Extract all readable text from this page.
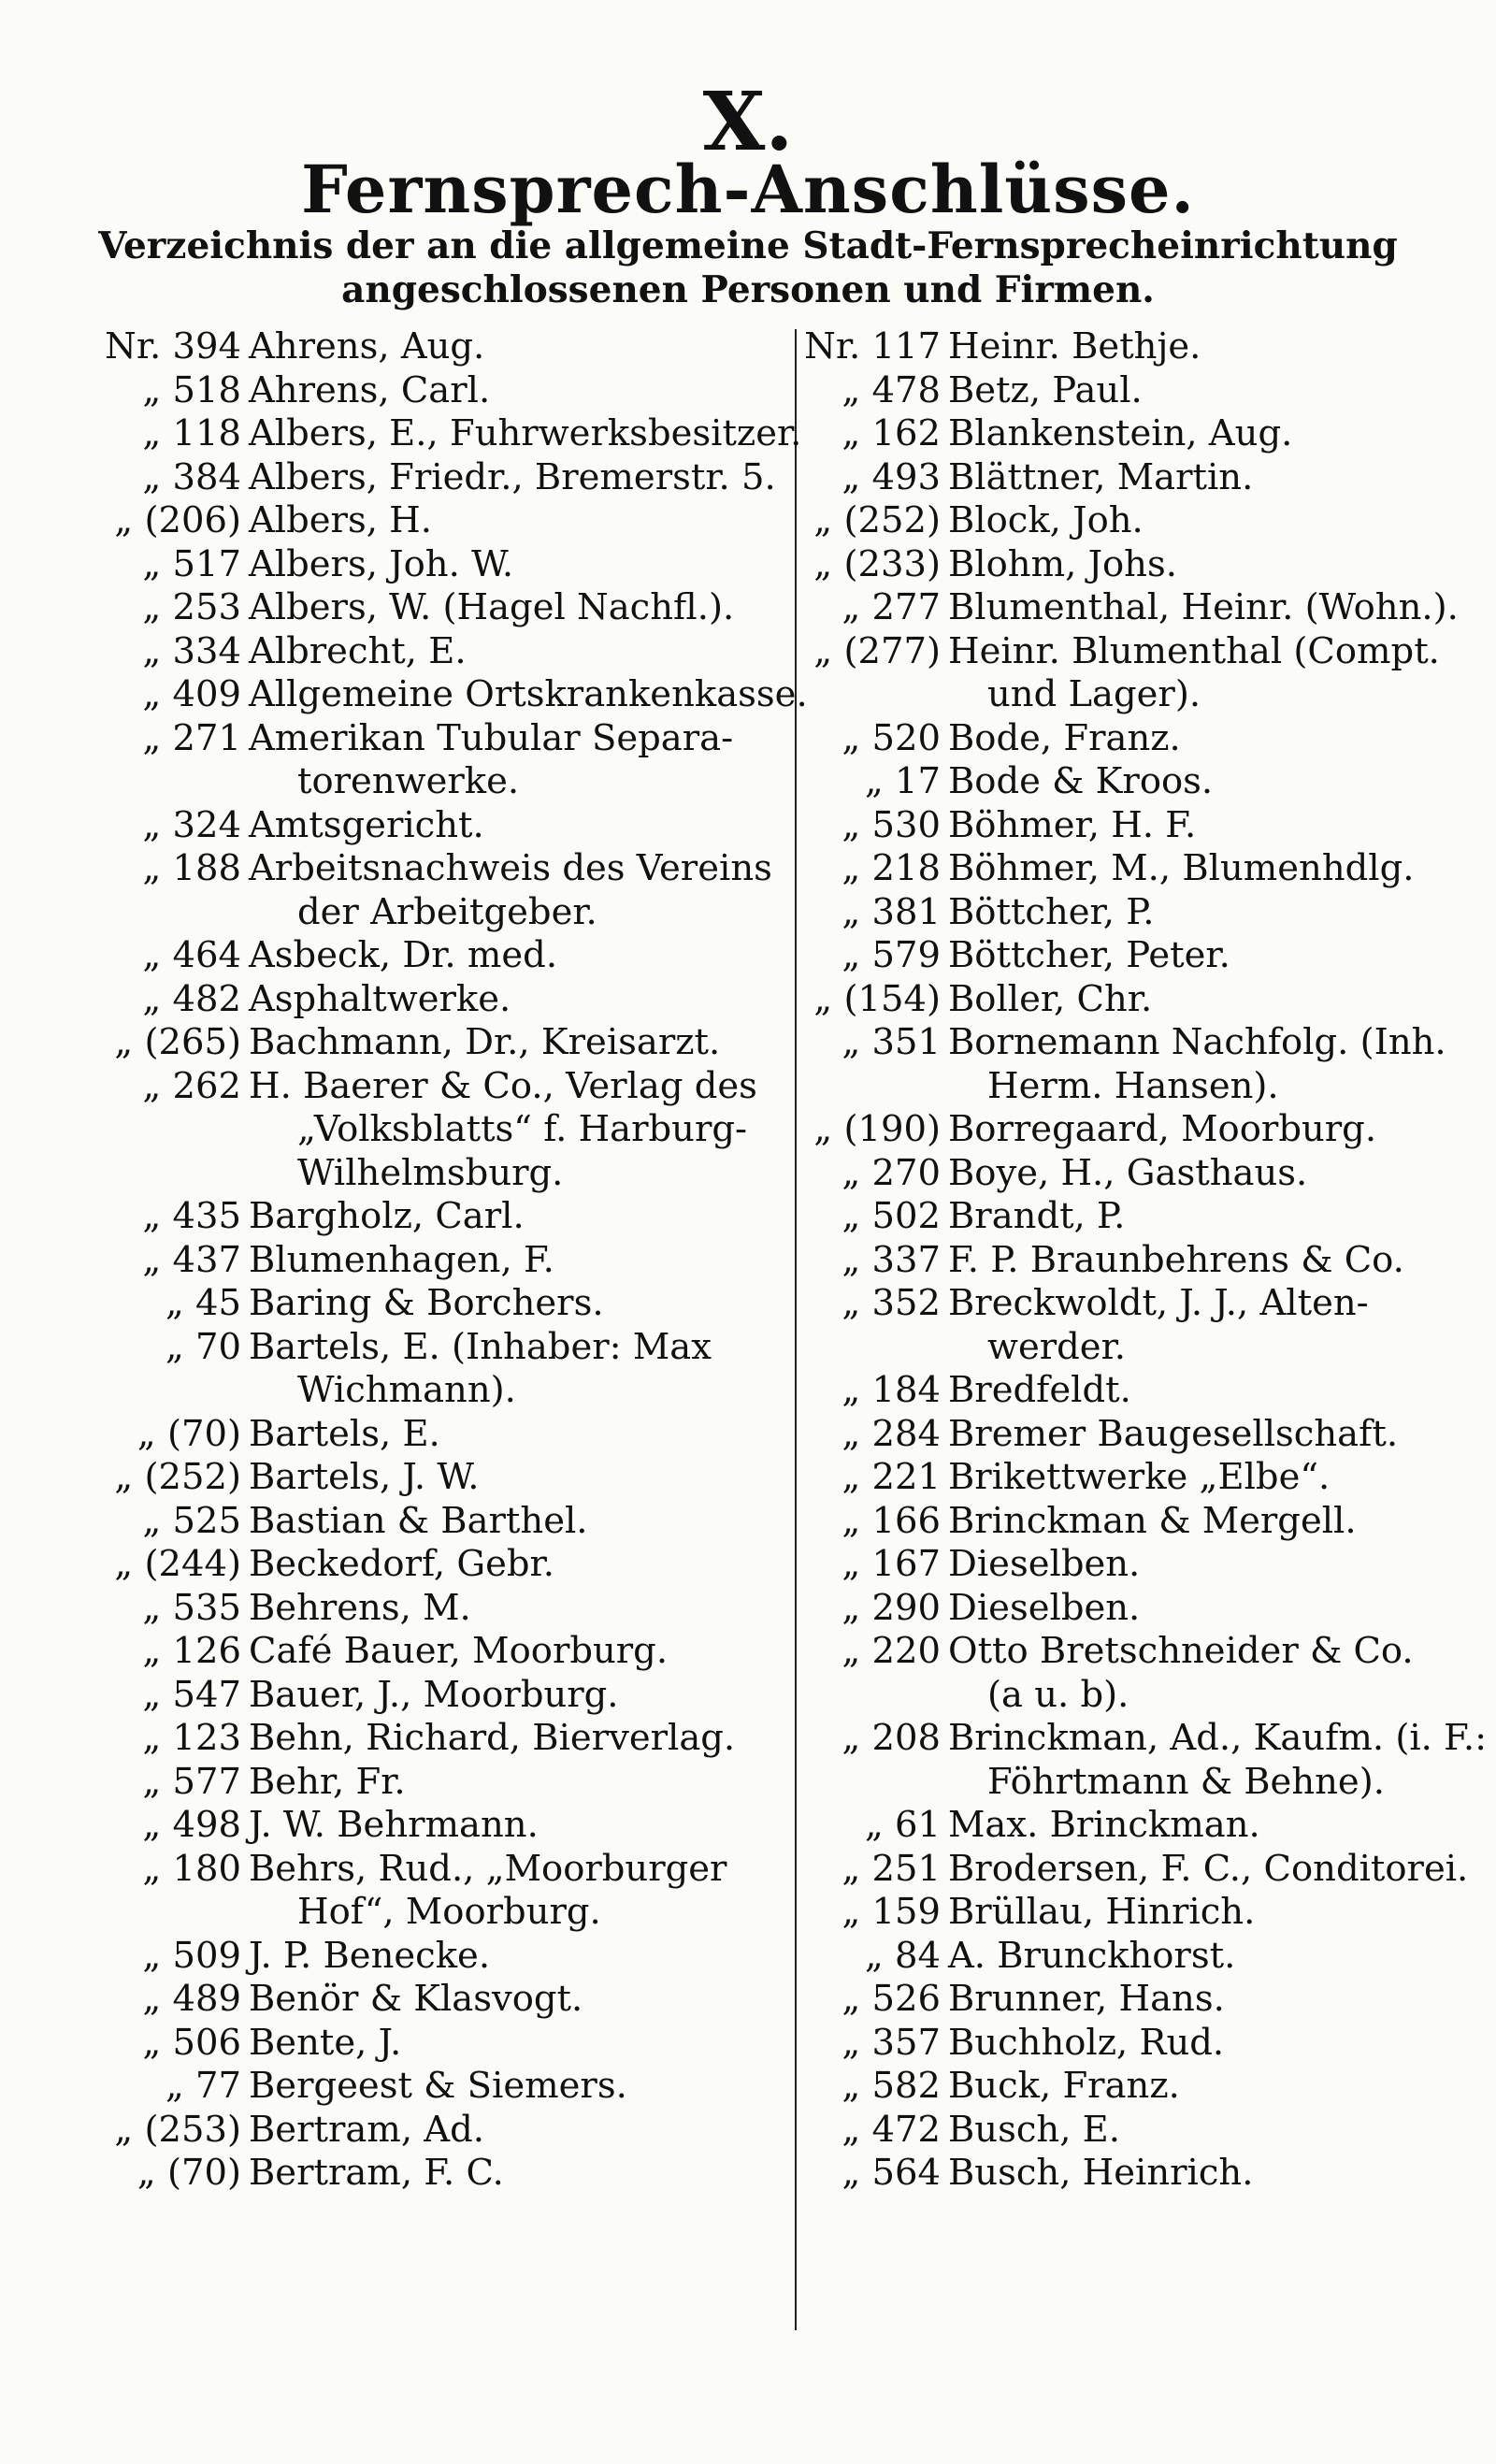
X.
Fernsprech-Anschlüsse.
Verzeichnis der an die allgemeine Stadt-Fernsprecheinrichtung
angeschlossenen Personen und Firmen.
Nr. 394 Ahrens, Aug.
„ 518 Ahrens, Carl.
„ 118 Albers, E., Fuhrwerksbesitzer.
„ 384 Albers, Friedr., Bremerstr. 5.
„ (206) Albers, H.
„ 517 Albers, Joh. W.
„ 253 Albers, W. (Hagel Nachfl.).
„ 334 Albrecht, E.
„ 409 Allgemeine Ortskrankenkasse.
„ 271 Amerikan Tubular Separa-
torenwerke.
„ 324 Amtsgericht.
„ 188 Arbeitsnachweis des Vereins
der Arbeitgeber.
„ 464 Asbeck, Dr. med.
„ 482 Asphaltwerke.
„ (265) Bachmann, Dr., Kreisarzt.
„ 262 H. Baerer & Co., Verlag des
„Volksblatts“ f. Harburg-
Wilhelmsburg.
„ 435 Bargholz, Carl.
„ 437 Blumenhagen, F.
„ 45 Baring & Borchers.
„ 70 Bartels, E. (Inhaber: Max
Wichmann).
„ (70) Bartels, E.
„ (252) Bartels, J. W.
„ 525 Bastian & Barthel.
„ (244) Beckedorf, Gebr.
„ 535 Behrens, M.
„ 126 Café Bauer, Moorburg.
„ 547 Bauer, J., Moorburg.
„ 123 Behn, Richard, Bierverlag.
„ 577 Behr, Fr.
„ 498 J. W. Behrmann.
„ 180 Behrs, Rud., „Moorburger
Hof“, Moorburg.
„ 509 J. P. Benecke.
„ 489 Benör & Klasvogt.
„ 506 Bente, J.
„ 77 Bergeest & Siemers.
„ (253) Bertram, Ad.
„ (70) Bertram, F. C.
Nr. 117 Heinr. Bethje.
„ 478 Betz, Paul.
„ 162 Blankenstein, Aug.
„ 493 Blättner, Martin.
„ (252) Block, Joh.
„ (233) Blohm, Johs.
„ 277 Blumenthal, Heinr. (Wohn.).
„ (277) Heinr. Blumenthal (Compt.
und Lager).
„ 520 Bode, Franz.
„ 17 Bode & Kroos.
„ 530 Böhmer, H. F.
„ 218 Böhmer, M., Blumenhdlg.
„ 381 Böttcher, P.
„ 579 Böttcher, Peter.
„ (154) Boller, Chr.
„ 351 Bornemann Nachfolg. (Inh.
Herm. Hansen).
„ (190) Borregaard, Moorburg.
„ 270 Boye, H., Gasthaus.
„ 502 Brandt, P.
„ 337 F. P. Braunbehrens & Co.
„ 352 Breckwoldt, J. J., Alten-
werder.
„ 184 Bredfeldt.
„ 284 Bremer Baugesellschaft.
„ 221 Brikettwerke „Elbe“.
„ 166 Brinckman & Mergell.
„ 167 Dieselben.
„ 290 Dieselben.
„ 220 Otto Bretschneider & Co.
(a u. b).
„ 208 Brinckman, Ad., Kaufm. (i. F.:
Föhrtmann & Behne).
„ 61 Max. Brinckman.
„ 251 Brodersen, F. C., Conditorei.
„ 159 Brüllau, Hinrich.
„ 84 A. Brunckhorst.
„ 526 Brunner, Hans.
„ 357 Buchholz, Rud.
„ 582 Buck, Franz.
„ 472 Busch, E.
„ 564 Busch, Heinrich.
